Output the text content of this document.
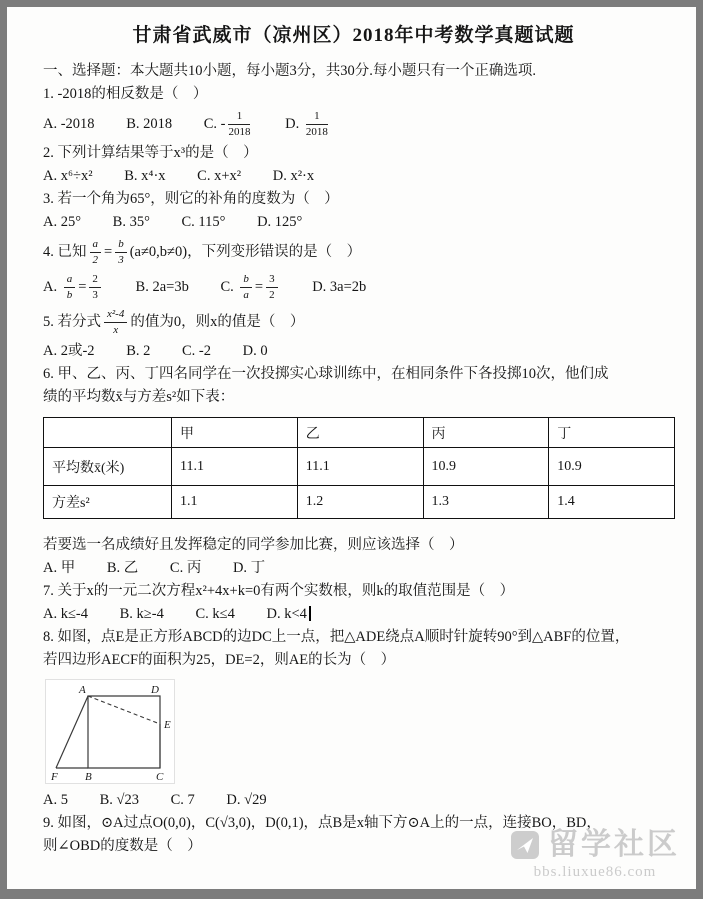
甘肃省武威市（凉州区）2018年中考数学真题试题

一、选择题：本大题共10小题，每小题3分，共30分.每小题只有一个正确选项.

1. -2018的相反数是（　）

A. -2018 B. 2018 C. - $\frac{1}{2018} D$. $\frac{1}{2018}$

2. 下列计算结果等于x³的是（　）

A. x⁶÷x² B. x⁴·x C. x+x² D. x²·x

3. 若一个角为65°，则它的补角的度数为（　）

A. 25° B. 35° C. 115° D. 125°

4. 已知 $\frac{a}{2} = \frac{b}{3} (a\ne 0,b\ne 0)$，下列变形错误的是（　）

A. $\frac{a}{b} = \frac{2}{3} B$. 2a=3b C. $\frac{b}{a} = \frac{3}{2} D$. 3a=2b

5. 若分式 $\frac{\text{x²-4}}{x}$ 的值为0，则x的值是（　）

A. 2或-2 B. 2 C. -2 D. 0

6. 甲、乙、丙、丁四名同学在一次投掷实心球训练中，在相同条件下各投掷10次，他们成

绩的平均数x̄与方差s²如下表：

	甲	乙	丙	丁
平均数x̄(米)	11.1	11.1	10.9	10.9
方差s²	1.1	1.2	1.3	1.4

若要选一名成绩好且发挥稳定的同学参加比赛，则应该选择（　）

A. 甲 B. 乙 C. 丙 D. 丁

7. 关于x的一元二次方程x²+4x+k=0有两个实数根，则k的取值范围是（　）

A. k≤-4 B. k≥-4 C. k≤4 D. k<4

8. 如图，点E是正方形ABCD的边DC上一点，把△ADE绕点A顺时针旋转90°到△ABF的位置，

若四边形AECF的面积为25，DE=2，则AE的长为（　）

A	D
E
F B	C

A. 5 B. √23 C. 7 D. √29

9. 如图，⊙A过点O(0,0)，C(√3,0)，D(0,1)，点B是x轴下方⊙A上的一点，连接BO，BD，

则∠OBD的度数是（　）	留学社区
bbs.liuxue86.com
